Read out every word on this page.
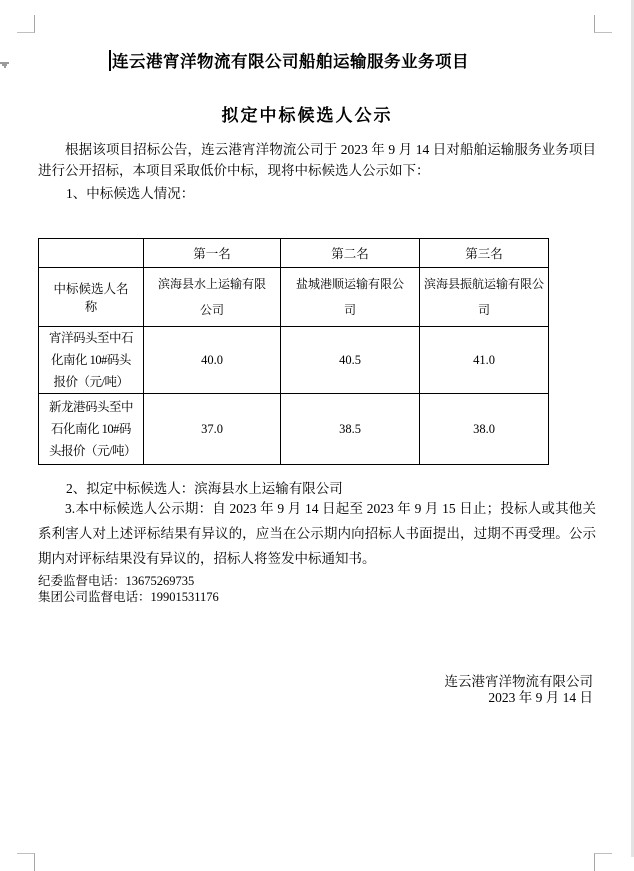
连云港宵洋物流有限公司船舶运输服务业务项目
拟定中标候选人公示

根据该项目招标公告，连云港宵洋物流公司于 2023 年 9 月 14 日对船舶运输服务业务项目进行公开招标，本项目采取低价中标，现将中标候选人公示如下：

1、中标候选人情况：
	第一名	第二名	第三名
中标候选人名称	滨海县水上运输有限公司	盐城港顺运输有限公司	滨海县振航运输有限公司
宵洋码头至中石化南化 10#码头报价（元/吨）	40.0	40.5	41.0
新龙港码头至中石化南化 10#码头报价（元/吨）	37.0	38.5	38.0
2、拟定中标候选人：滨海县水上运输有限公司

3.本中标候选人公示期：自 2023 年 9 月 14 日起至 2023 年 9 月 15 日止；投标人或其他关系利害人对上述评标结果有异议的，应当在公示期内向招标人书面提出，过期不再受理。公示期内对评标结果没有异议的，招标人将签发中标通知书。

纪委监督电话：13675269735
集团公司监督电话：19901531176
连云港宵洋物流有限公司
2023 年 9 月 14 日
